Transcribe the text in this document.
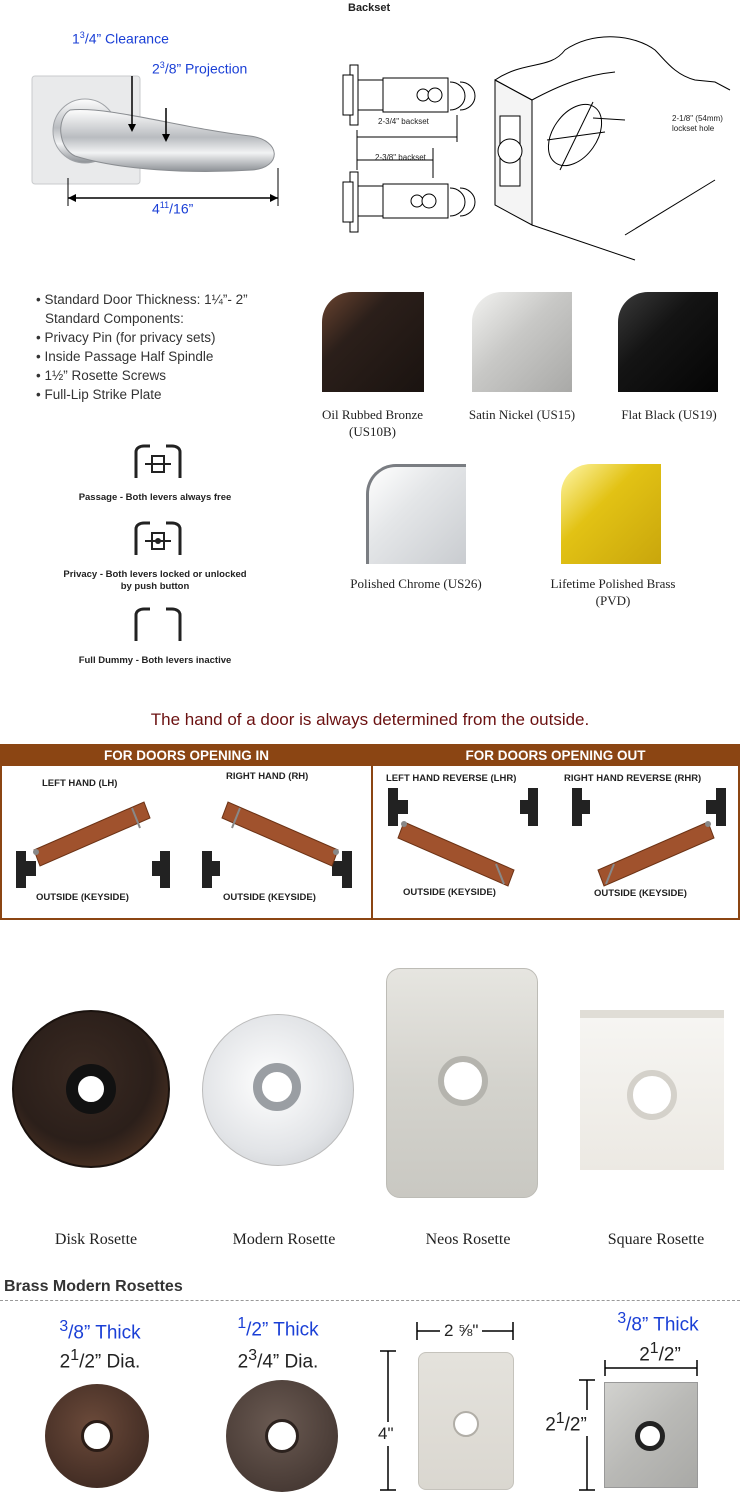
$1^3/4$” Clearance
$2^3/8$” Projection
$4^{11}/16$”
Backset
2-3/4" backset
2-3/8" backset
2-1/8" (54mm)
lockset hole
• Standard Door Thickness: 1¼”- 2”
Standard Components:
• Privacy Pin (for privacy sets)
• Inside Passage Half Spindle
• 1½” Rosette Screws
• Full-Lip Strike Plate
Oil Rubbed Bronze
(US10B)
Satin Nickel (US15)	Flat Black (US19)
Polished Chrome (US26)	Lifetime Polished Brass
(PVD)
Passage - Both levers always free
Privacy - Both levers locked or unlocked
by push button
Full Dummy - Both levers inactive
The hand of a door is always determined from the outside.
FOR DOORS OPENING IN	FOR DOORS OPENING OUT
LEFT HAND (LH)
RIGHT HAND (RH)	LEFT HAND REVERSE (LHR)	RIGHT HAND REVERSE (RHR)
OUTSIDE (KEYSIDE)	OUTSIDE (KEYSIDE)	OUTSIDE (KEYSIDE)	OUTSIDE (KEYSIDE)
Disk Rosette	Modern Rosette	Neos Rosette	Square Rosette
Brass Modern Rosettes
$^3$/8” Thick
$2^1/2$” Dia.
$^1$/2” Thick
$2^3/4$” Dia.
2 ⅝"
4"
$^3$/8” Thick
$2^1/2$”
$2^1/2$”
